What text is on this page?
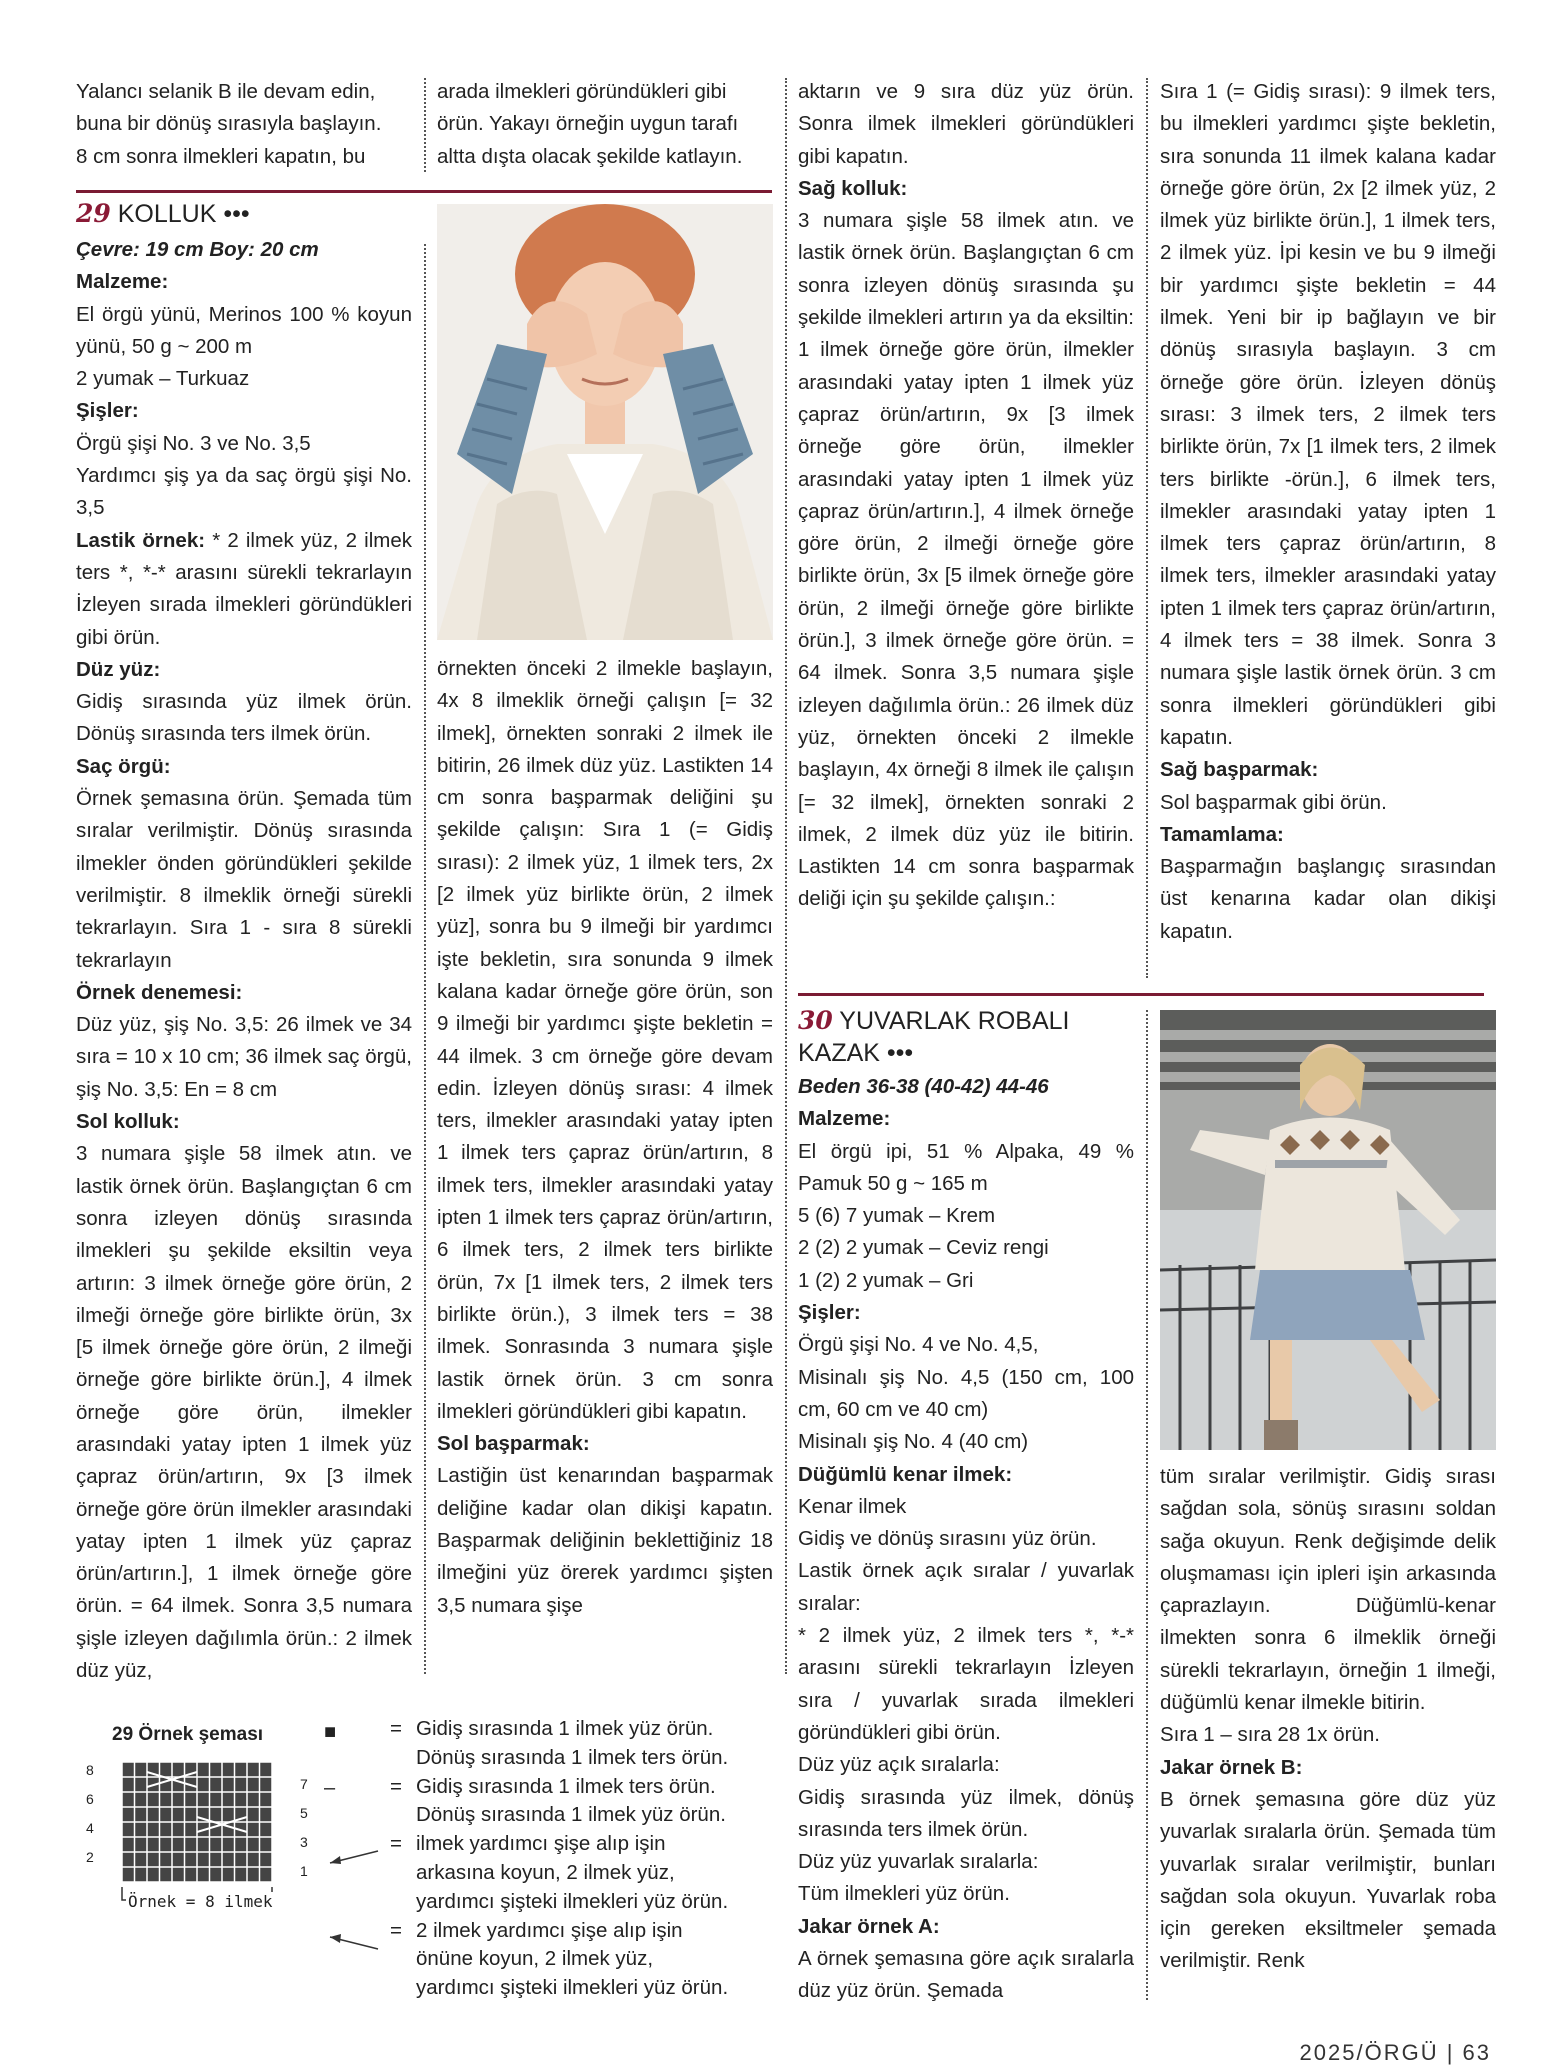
Yalancı selanik B ile devam edin,

buna bir dönüş sırasıyla başlayın.

8 cm sonra ilmekleri kapatın, bu

arada ilmekleri göründükleri gibi

örün. Yakayı örneğin uygun tarafı

altta dışta olacak şekilde katlayın.

29 KOLLUK •••

Çevre: 19 cm Boy: 20 cm

Malzeme:

El örgü yünü, Merinos 100 % koyun yünü, 50 g ~ 200 m

2 yumak – Turkuaz

Şişler:

Örgü şişi No. 3 ve No. 3,5

Yardımcı şiş ya da saç örgü şişi No. 3,5

Lastik örnek: * 2 ilmek yüz, 2 ilmek ters *, *-* arasını sürekli tekrarlayın İzleyen sırada ilmekleri göründükleri gibi örün.

Düz yüz:

Gidiş sırasında yüz ilmek örün. Dönüş sırasında ters ilmek örün.

Saç örgü:

Örnek şemasına örün. Şemada tüm sıralar verilmiştir. Dönüş sırasında ilmekler önden göründükleri şekilde verilmiştir. 8 ilmeklik örneği sürekli tekrarlayın. Sıra 1 - sıra 8 sürekli tekrarlayın

Örnek denemesi:

Düz yüz, şiş No. 3,5: 26 ilmek ve 34 sıra = 10 x 10 cm; 36 ilmek saç örgü, şiş No. 3,5: En = 8 cm

Sol kolluk:

3 numara şişle 58 ilmek atın. ve lastik örnek örün. Başlangıçtan 6 cm sonra izleyen dönüş sırasında ilmekleri şu şekilde eksiltin veya artırın: 3 ilmek örneğe göre örün, 2 ilmeği örneğe göre birlikte örün, 3x [5 ilmek örneğe göre örün, 2 ilmeği örneğe göre birlikte örün.], 4 ilmek örneğe göre örün, ilmekler arasındaki yatay ipten 1 ilmek yüz çapraz örün/artırın, 9x [3 ilmek örneğe göre örün ilmekler arasındaki yatay ipten 1 ilmek yüz çapraz örün/artırın.], 1 ilmek örneğe göre örün. = 64 ilmek. Sonra 3,5 numara şişle izleyen dağılımla örün.: 2 ilmek düz yüz,

örnekten önceki 2 ilmekle başlayın, 4x 8 ilmeklik örneği çalışın [= 32 ilmek], örnekten sonraki 2 ilmek ile bitirin, 26 ilmek düz yüz. Lastikten 14 cm sonra başparmak deliğini şu şekilde çalışın: Sıra 1 (= Gidiş sırası): 2 ilmek yüz, 1 ilmek ters, 2x [2 ilmek yüz birlikte örün, 2 ilmek yüz], sonra bu 9 ilmeği bir yardımcı işte bekletin, sıra sonunda 9 ilmek kalana kadar örneğe göre örün, son 9 ilmeği bir yardımcı şişte bekletin = 44 ilmek. 3 cm örneğe göre devam edin. İzleyen dönüş sırası: 4 ilmek ters, ilmekler arasındaki yatay ipten 1 ilmek ters çapraz örün/artırın, 8 ilmek ters, ilmekler arasındaki yatay ipten 1 ilmek ters çapraz örün/artırın, 6 ilmek ters, 2 ilmek ters birlikte örün, 7x [1 ilmek ters, 2 ilmek ters birlikte örün.), 3 ilmek ters = 38 ilmek. Sonrasında 3 numara şişle lastik örnek örün. 3 cm sonra ilmekleri göründükleri gibi kapatın.

Sol başparmak:

Lastiğin üst kenarından başparmak deliğine kadar olan dikişi kapatın. Başparmak deliğinin beklettiğiniz 18 ilmeğini yüz örerek yardımcı şişten 3,5 numara şişe

aktarın ve 9 sıra düz yüz örün. Sonra ilmek ilmekleri göründükleri gibi kapatın.

Sağ kolluk:

3 numara şişle 58 ilmek atın. ve lastik örnek örün. Başlangıçtan 6 cm sonra izleyen dönüş sırasında şu şekilde ilmekleri artırın ya da eksiltin: 1 ilmek örneğe göre örün, ilmekler arasındaki yatay ipten 1 ilmek yüz çapraz örün/artırın, 9x [3 ilmek örneğe göre örün, ilmekler arasındaki yatay ipten 1 ilmek yüz çapraz örün/artırın.], 4 ilmek örneğe göre örün, 2 ilmeği örneğe göre birlikte örün, 3x [5 ilmek örneğe göre örün, 2 ilmeği örneğe göre birlikte örün.], 3 ilmek örneğe göre örün. = 64 ilmek. Sonra 3,5 numara şişle izleyen dağılımla örün.: 26 ilmek düz yüz, örnekten önceki 2 ilmekle başlayın, 4x örneği 8 ilmek ile çalışın [= 32 ilmek], örnekten sonraki 2 ilmek, 2 ilmek düz yüz ile bitirin. Lastikten 14 cm sonra başparmak deliği için şu şekilde çalışın.:

Sıra 1 (= Gidiş sırası): 9 ilmek ters, bu ilmekleri yardımcı şişte bekletin, sıra sonunda 11 ilmek kalana kadar örneğe göre örün, 2x [2 ilmek yüz, 2 ilmek yüz birlikte örün.], 1 ilmek ters, 2 ilmek yüz. İpi kesin ve bu 9 ilmeği bir yardımcı şişte bekletin = 44 ilmek. Yeni bir ip bağlayın ve bir dönüş sırasıyla başlayın. 3 cm örneğe göre örün. İzleyen dönüş sırası: 3 ilmek ters, 2 ilmek ters birlikte örün, 7x [1 ilmek ters, 2 ilmek ters birlikte -örün.], 6 ilmek ters, ilmekler arasındaki yatay ipten 1 ilmek ters çapraz örün/artırın, 8 ilmek ters, ilmekler arasındaki yatay ipten 1 ilmek ters çapraz örün/artırın, 4 ilmek ters = 38 ilmek. Sonra 3 numara şişle lastik örnek örün. 3 cm sonra ilmekleri göründükleri gibi kapatın.

Sağ başparmak:

Sol başparmak gibi örün.

Tamamlama:

Başparmağın başlangıç sırasından üst kenarına kadar olan dikişi kapatın.

30 YUVARLAK ROBALI
KAZAK •••

Beden 36-38 (40-42) 44-46

Malzeme:

El örgü ipi, 51 % Alpaka, 49 % Pamuk 50 g ~ 165 m

5 (6) 7 yumak – Krem

2 (2) 2 yumak – Ceviz rengi

1 (2) 2 yumak – Gri

Şişler:

Örgü şişi No. 4 ve No. 4,5,

Misinalı şiş No. 4,5 (150 cm, 100 cm, 60 cm ve 40 cm)

Misinalı şiş No. 4 (40 cm)

Düğümlü kenar ilmek:

Kenar ilmek

Gidiş ve dönüş sırasını yüz örün.

Lastik örnek açık sıralar / yuvarlak sıralar:

* 2 ilmek yüz, 2 ilmek ters *, *-* arasını sürekli tekrarlayın İzleyen sıra / yuvarlak sırada ilmekleri göründükleri gibi örün.

Düz yüz açık sıralarla:

Gidiş sırasında yüz ilmek, dönüş sırasında ters ilmek örün.

Düz yüz yuvarlak sıralarla:

Tüm ilmekleri yüz örün.

Jakar örnek A:

A örnek şemasına göre açık sıralarla düz yüz örün. Şemada

tüm sıralar verilmiştir. Gidiş sırası sağdan sola, sönüş sırasını soldan sağa okuyun. Renk değişimde delik oluşmaması için ipleri işin arkasında çaprazlayın. Düğümlü-kenar ilmekten sonra 6 ilmeklik örneği sürekli tekrarlayın, örneğin 1 ilmeği, düğümlü kenar ilmekle bitirin.

Sıra 1 – sıra 28 1x örün.

Jakar örnek B:

B örnek şemasına göre düz yüz yuvarlak sıralarla örün. Şemada tüm yuvarlak sıralar verilmiştir, bunları sağdan sola okuyun. Yuvarlak roba için gereken eksiltmeler şemada verilmiştir. Renk

29 Örnek şeması
8
6
4
2
7
5
3
1
Örnek = 8 ilmek
■
–
= Gidiş sırasında 1 ilmek yüz örün.
Dönüş sırasında 1 ilmek ters örün.
= Gidiş sırasında 1 ilmek ters örün.
Dönüş sırasında 1 ilmek yüz örün.
= ilmek yardımcı şişe alıp işin
arkasına koyun, 2 ilmek yüz,
yardımcı şişteki ilmekleri yüz örün.
= 2 ilmek yardımcı şişe alıp işin
önüne koyun, 2 ilmek yüz,
yardımcı şişteki ilmekleri yüz örün.
2025/ÖRGÜ | 63
